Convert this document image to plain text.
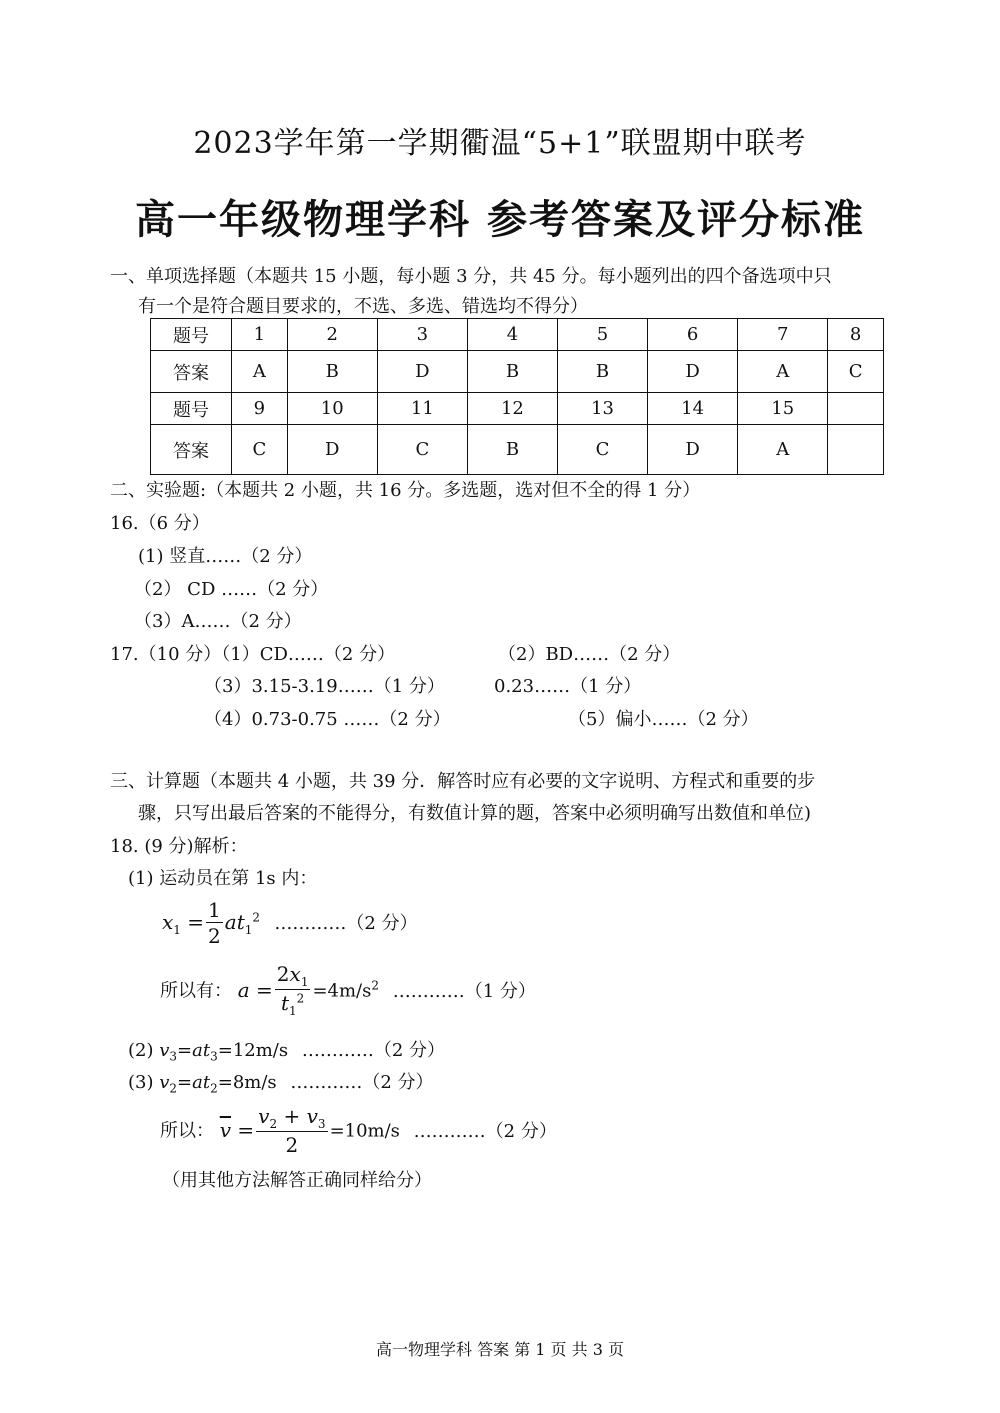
2023学年第一学期衢温“5+1”联盟期中联考
高一年级物理学科 参考答案及评分标准
一、单项选择题（本题共 15 小题，每小题 3 分，共 45 分。每小题列出的四个备选项中只
有一个是符合题目要求的，不选、多选、错选均不得分）
题号	1	2	3	4	5	6	7	8
答案	A	B	D	B	B	D	A	C
题号	9	10	11	12	13	14	15	
答案	C	D	C	B	C	D	A	
二、实验题:（本题共 2 小题，共 16 分。多选题，选对但不全的得 1 分）
16.（6 分）
(1) 竖直……（2 分）
（2） CD ……（2 分）
（3）A……（2 分）
17.（10 分）（1）CD……（2 分）	（2）BD……（2 分）
（3）3.15-3.19……（1 分）	0.23……（1 分）
（4）0.73-0.75 ……（2 分）	（5）偏小……（2 分）
三、计算题（本题共 4 小题，共 39 分．解答时应有必要的文字说明、方程式和重要的步
骤，只写出最后答案的不能得分，有数值计算的题，答案中必须明确写出数值和单位)
18. (9 分)解析：
(1) 运动员在第 1s 内：
$x_1 = \frac{1}{2} at_1^2$ …………（2 分）
所以有： $a = \frac{2x_1}{t_1^2} =4m/s^2$ …………（1 分）
(2) $v_3=at_3=12m/s$ …………（2 分）
(3) $v_2=at_2=8m/s$ …………（2 分）
所以： $\overline{v} = \frac{v_2 + v_3}{2} =10m/s$ …………（2 分）
（用其他方法解答正确同样给分）
高一物理学科 答案 第 1 页 共 3 页
